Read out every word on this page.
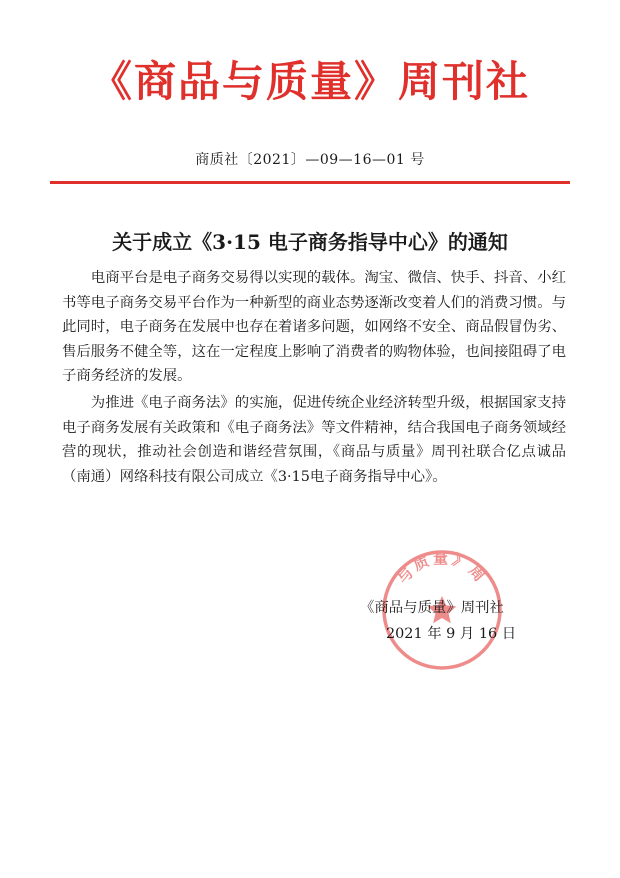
《商品与质量》周刊社
商质社〔2021〕—09—16—01 号
关于成立《3·15 电子商务指导中心》的通知

电商平台是电子商务交易得以实现的载体。淘宝、微信、快手、抖音、小红书等电子商务交易平台作为一种新型的商业态势逐渐改变着人们的消费习惯。与此同时，电子商务在发展中也存在着诸多问题，如网络不安全、商品假冒伪劣、售后服务不健全等，这在一定程度上影响了消费者的购物体验，也间接阻碍了电子商务经济的发展。

为推进《电子商务法》的实施，促进传统企业经济转型升级，根据国家支持电子商务发展有关政策和《电子商务法》等文件精神，结合我国电子商务领域经营的现状，推动社会创造和谐经营氛围，《商品与质量》周刊社联合亿点诚品（南通）网络科技有限公司成立《3·15电子商务指导中心》。

与质量》周
《商品与质量》周刊社
2021 年 9 月 16 日
